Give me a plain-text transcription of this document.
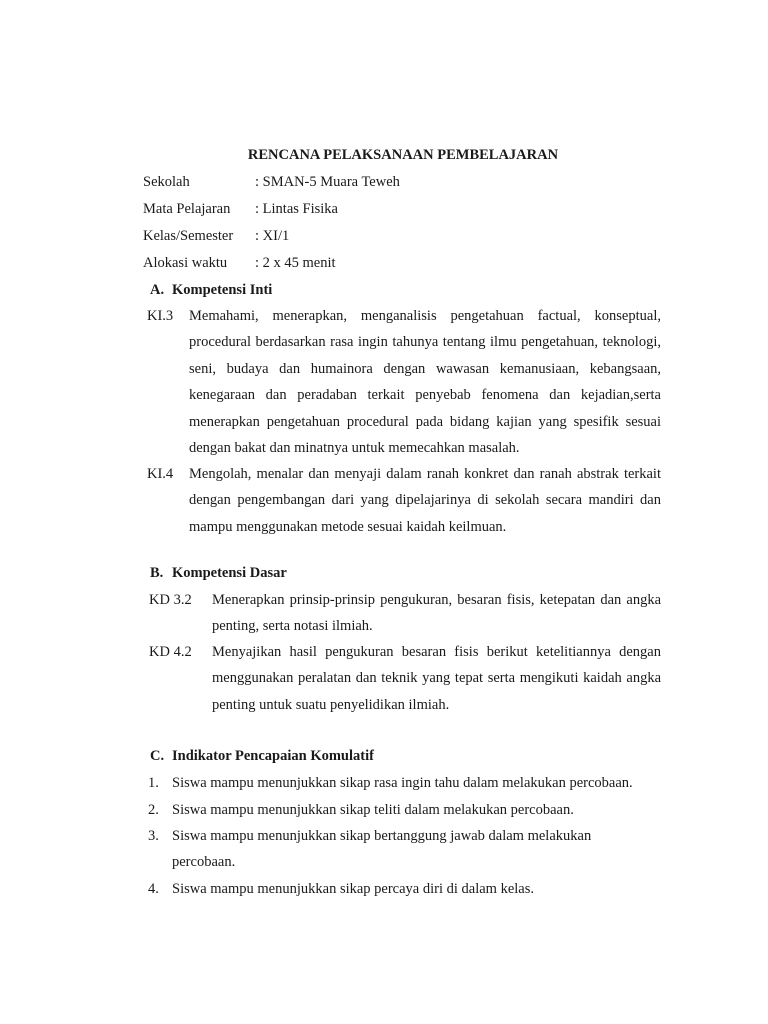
RENCANA PELAKSANAAN PEMBELAJARAN
Sekolah	: SMAN-5 Muara Teweh
Mata Pelajaran	: Lintas Fisika
Kelas/Semester	: XI/1
Alokasi waktu	: 2 x 45 menit
A. Kompetensi Inti
KI.3 Memahami, menerapkan, menganalisis pengetahuan factual, konseptual, procedural berdasarkan rasa ingin tahunya tentang ilmu pengetahuan, teknologi, seni, budaya dan humainora dengan wawasan kemanusiaan, kebangsaan, kenegaraan dan peradaban terkait penyebab fenomena dan kejadian,serta menerapkan pengetahuan procedural pada bidang kajian yang spesifik sesuai dengan bakat dan minatnya untuk memecahkan masalah.
KI.4 Mengolah, menalar dan menyaji dalam ranah konkret dan ranah abstrak terkait dengan pengembangan dari yang dipelajarinya di sekolah secara mandiri dan mampu menggunakan metode sesuai kaidah keilmuan.
B. Kompetensi Dasar
KD 3.2 Menerapkan prinsip-prinsip pengukuran, besaran fisis, ketepatan dan angka penting, serta notasi ilmiah.
KD 4.2 Menyajikan hasil pengukuran besaran fisis berikut ketelitiannya dengan menggunakan peralatan dan teknik yang tepat serta mengikuti kaidah angka penting untuk suatu penyelidikan ilmiah.
C. Indikator Pencapaian Komulatif
1. Siswa mampu menunjukkan sikap rasa ingin tahu dalam melakukan percobaan.
2. Siswa mampu menunjukkan sikap teliti dalam melakukan percobaan.
3. Siswa mampu menunjukkan sikap bertanggung jawab dalam melakukan percobaan.
4. Siswa mampu menunjukkan sikap percaya diri di dalam kelas.
